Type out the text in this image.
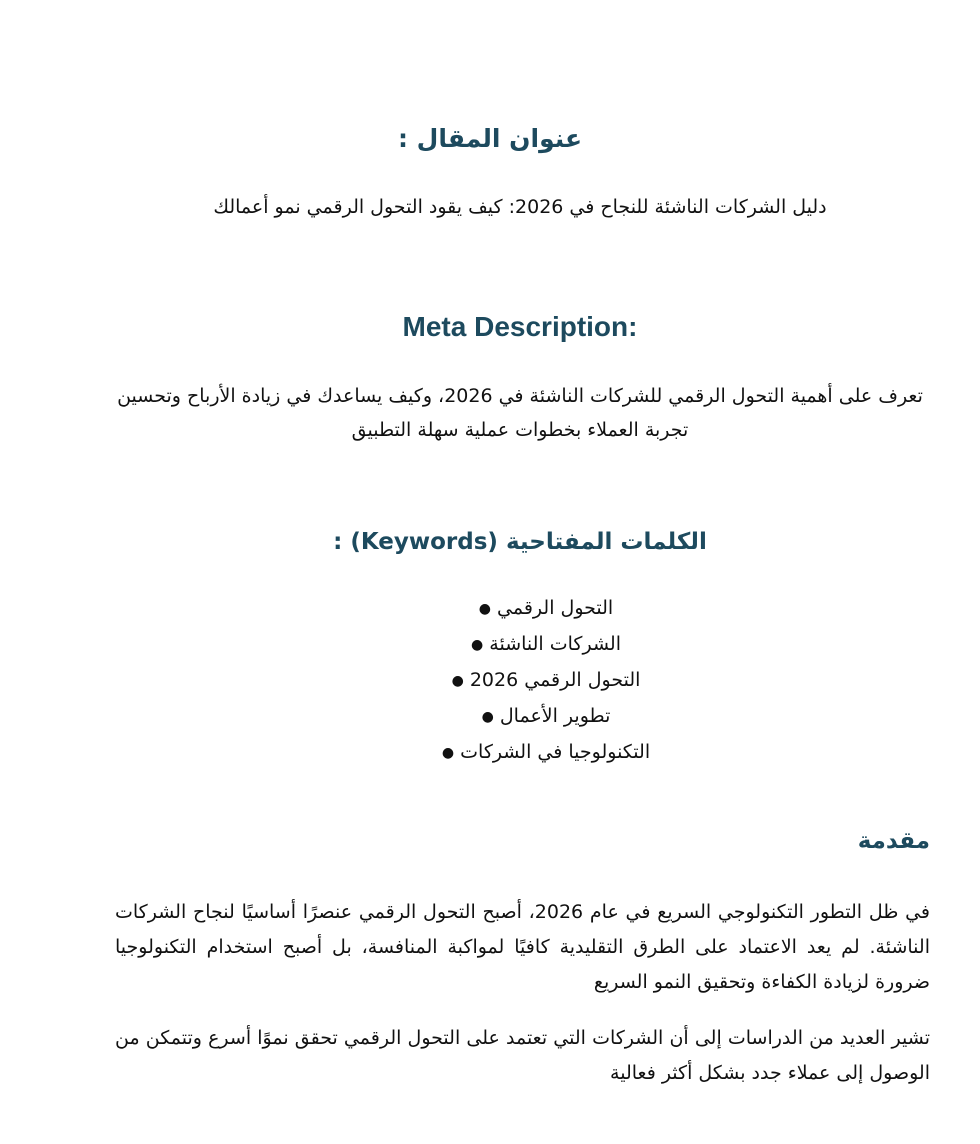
عنوان المقال :

دليل الشركات الناشئة للنجاح في 2026: كيف يقود التحول الرقمي نمو أعمالك

Meta Description:

تعرف على أهمية التحول الرقمي للشركات الناشئة في 2026، وكيف يساعدك في زيادة الأرباح وتحسين تجربة العملاء بخطوات عملية سهلة التطبيق

الكلمات المفتاحية (Keywords) :
التحول الرقمي ●
الشركات الناشئة ●
التحول الرقمي 2026 ●
تطوير الأعمال ●
التكنولوجيا في الشركات ●
مقدمة

في ظل التطور التكنولوجي السريع في عام 2026، أصبح التحول الرقمي عنصرًا أساسيًا لنجاح الشركات الناشئة. لم يعد الاعتماد على الطرق التقليدية كافيًا لمواكبة المنافسة، بل أصبح استخدام التكنولوجيا ضرورة لزيادة الكفاءة وتحقيق النمو السريع

تشير العديد من الدراسات إلى أن الشركات التي تعتمد على التحول الرقمي تحقق نموًا أسرع وتتمكن من الوصول إلى عملاء جدد بشكل أكثر فعالية
